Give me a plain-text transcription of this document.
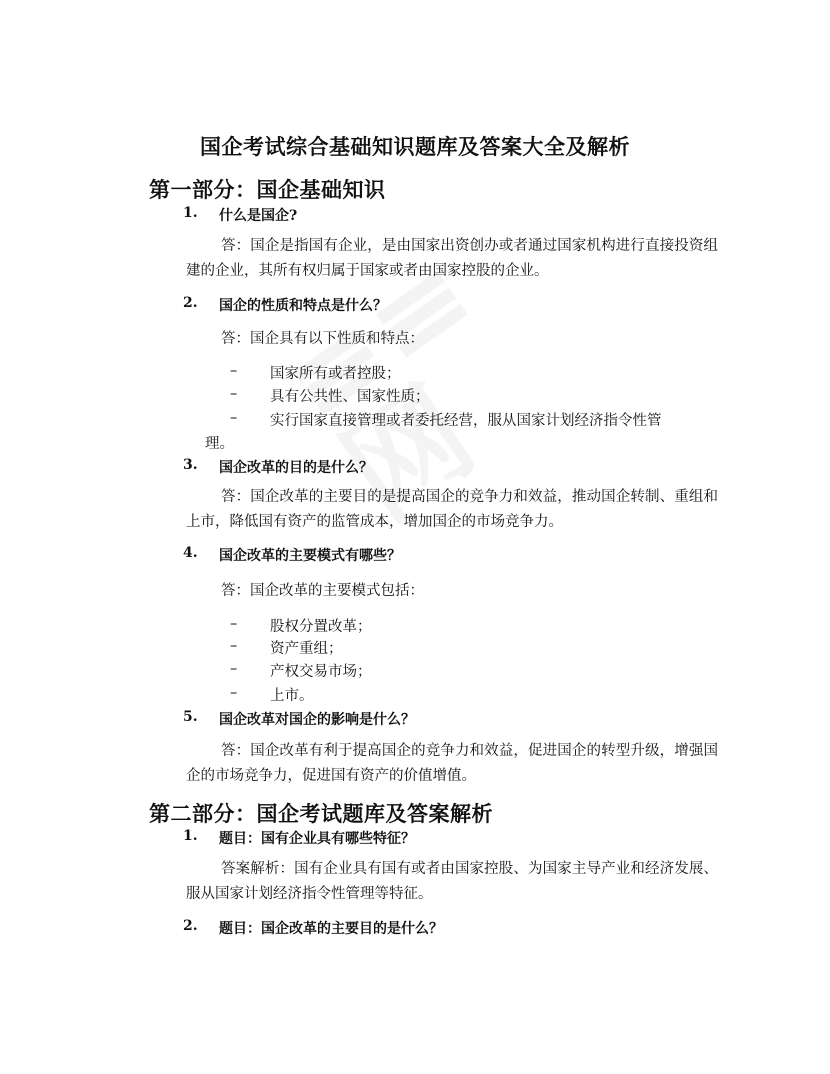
国企考试综合基础知识题库及答案大全及解析
第一部分：国企基础知识
1. 什么是国企?
答：国企是指国有企业，是由国家出资创办或者通过国家机构进行直接投资组建的企业，其所有权归属于国家或者由国家控股的企业。
2. 国企的性质和特点是什么？
答：国企具有以下性质和特点：
– 国家所有或者控股；
– 具有公共性、国家性质；
– 实行国家直接管理或者委托经营，服从国家计划经济指令性管
理。
3. 国企改革的目的是什么？
答：国企改革的主要目的是提高国企的竞争力和效益，推动国企转制、重组和上市，降低国有资产的监管成本，增加国企的市场竞争力。
4. 国企改革的主要模式有哪些？
答：国企改革的主要模式包括：
– 股权分置改革；
– 资产重组；
– 产权交易市场；
– 上市。
5. 国企改革对国企的影响是什么？
答：国企改革有利于提高国企的竞争力和效益，促进国企的转型升级，增强国企的市场竞争力，促进国有资产的价值增值。
第二部分：国企考试题库及答案解析
1. 题目：国有企业具有哪些特征？
答案解析：国有企业具有国有或者由国家控股、为国家主导产业和经济发展、服从国家计划经济指令性管理等特征。
2. 题目：国企改革的主要目的是什么？
